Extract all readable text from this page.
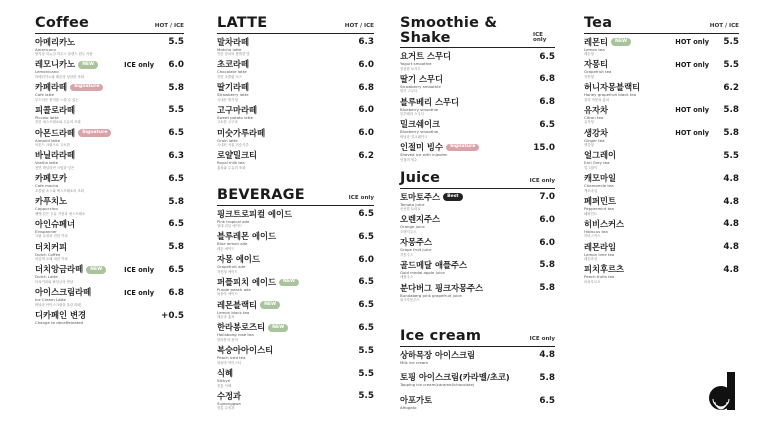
Coffee	HOT / ICE
아메리카노	5.5
Americano
양지상 리뉴얼 하우스 블렌드 원두 사용
레모니카노	NEW	ICE only 6.0
Lemonicano
아메리카노와 레몬의 상큼한 조화
카페라떼	Signature	5.8
Cafe latte
부드러운 풍미를 느낄 수 있는
피콜로라떼	5.5
Piccolo latte
진한 에스프레소와 우유의 조화
아몬드라떼	Signature	6.5
Almond latte
아몬드 크림으로 고소한
바닐라라떼	6.3
Vanilla latte
천연 바닐라빈 시럽을 넣은
카페모카	6.5
Cafe mocha
초콜릿 소스와 에스프레소의 조화
카푸치노	5.8
Cappuccino
벨벳 같은 우유 거품과 에스프레소
아인슈페너	6.5
Einspanner
크림 토핑과 진한 커피
더치커피	5.8
Dutch Coffee
차갑게 오래 내린 커피
더치앙금라떼	NEW	ICE only 6.5
Dutch Latte
더치커피와 팥앙금의 만남
아이스크림라떼	ICE only 6.8
Ice Cream Latte
바닐라 아이스크림을 올린 라떼
디카페인 변경	+0.5
Change to decaffeinated
LATTE	HOT / ICE
말차라떼	6.3
Matcha latte
진한 말차의 쌉쌀한 맛
초코라떼	6.0
Chocolate latte
진한 초콜릿 소스
딸기라떼	6.8
Strawberry latte
국내산 딸기청
고구마라떼	6.0
Sweet potato latte
고소한 고구마
미숫가루라떼	6.0
Grain latte
국내산 곡물 미숫가루
로얄밀크티	6.2
Royal milk tea
홍차와 우유의 조화
BEVERAGE	ICE only
핑크트로피컬 에이드	6.5
Pink tropical ade
열대 과일 에이드
블루레몬 에이드	6.5
Blue lemon ade
레몬 에이드
자몽 에이드	6.0
Grapefruit ade
자몽청 에이드
퍼플피치 에이드	NEW	6.5
Purple peach ade
복숭아 에이드
레몬블랙티	NEW	6.5
Lemon black tea
레몬과 홍차
한라봉로즈티	NEW	6.5
Hallabong rose tea
한라봉과 장미
복숭아아이스티	5.5
Peach iced tea
복숭아 아이스티
식혜	5.5
Sikhye
전통 식혜
수정과	5.5
Sujeonggwa
전통 수정과
Smoothie & Shake	ICE only
요거트 스무디	6.5
Yogurt smoothie
상큼한 요거트
딸기 스무디	6.8
Strawberry smoothie
딸기 스무디
블루베리 스무디	6.8
Blueberry smoothie
블루베리 스무디
밀크쉐이크	6.5
Blueberry smoothie
바닐라 밀크쉐이크
인절미 빙수	Signature	15.0
Shaved ice with injeolmi
인절미 빙수
Juice	ICE only
토마토주스	Best	7.0
Tomato juice
신선한 토마토
오렌지주스	6.0
Orange juice
오렌지주스
자몽주스	6.0
Grape fruit juice
자몽주스
골드메달 애플주스	5.8
Gold medal apple juice
애플주스
분다버그 핑크자몽주스	5.8
Bundaberg pink grapefruit juice
핑크자몽주스
Ice cream	ICE only
상하목장 아이스크림	4.8
Milk ice cream
토핑 아이스크림(카라멜/초코)	5.8
Topping ice cream(caramel/chocolate)
아포가토	6.5
Affogato
Tea	HOT / ICE
레몬티	NEW	HOT only 5.5
Lemon tea
레몬청
자몽티	HOT only 5.5
Grapefruit tea
자몽청
허니자몽블랙티	6.2
Honey grapefruit black tea
꿀과 자몽과 홍차
유자차	HOT only 5.8
Citron tea
유자청
생강차	HOT only 5.8
Ginger tea
생강청
얼그레이	5.5
Earl Grey tea
얼그레이
캐모마일	4.8
Chamomile tea
캐모마일
페퍼민트	4.8
Peppermint tea
페퍼민트
히비스커스	4.8
Hibiscus tea
히비스커스
레몬라임	4.8
Lemon lime tea
레몬라임
피치후르츠	4.8
Peach fruits tea
피치후르츠
